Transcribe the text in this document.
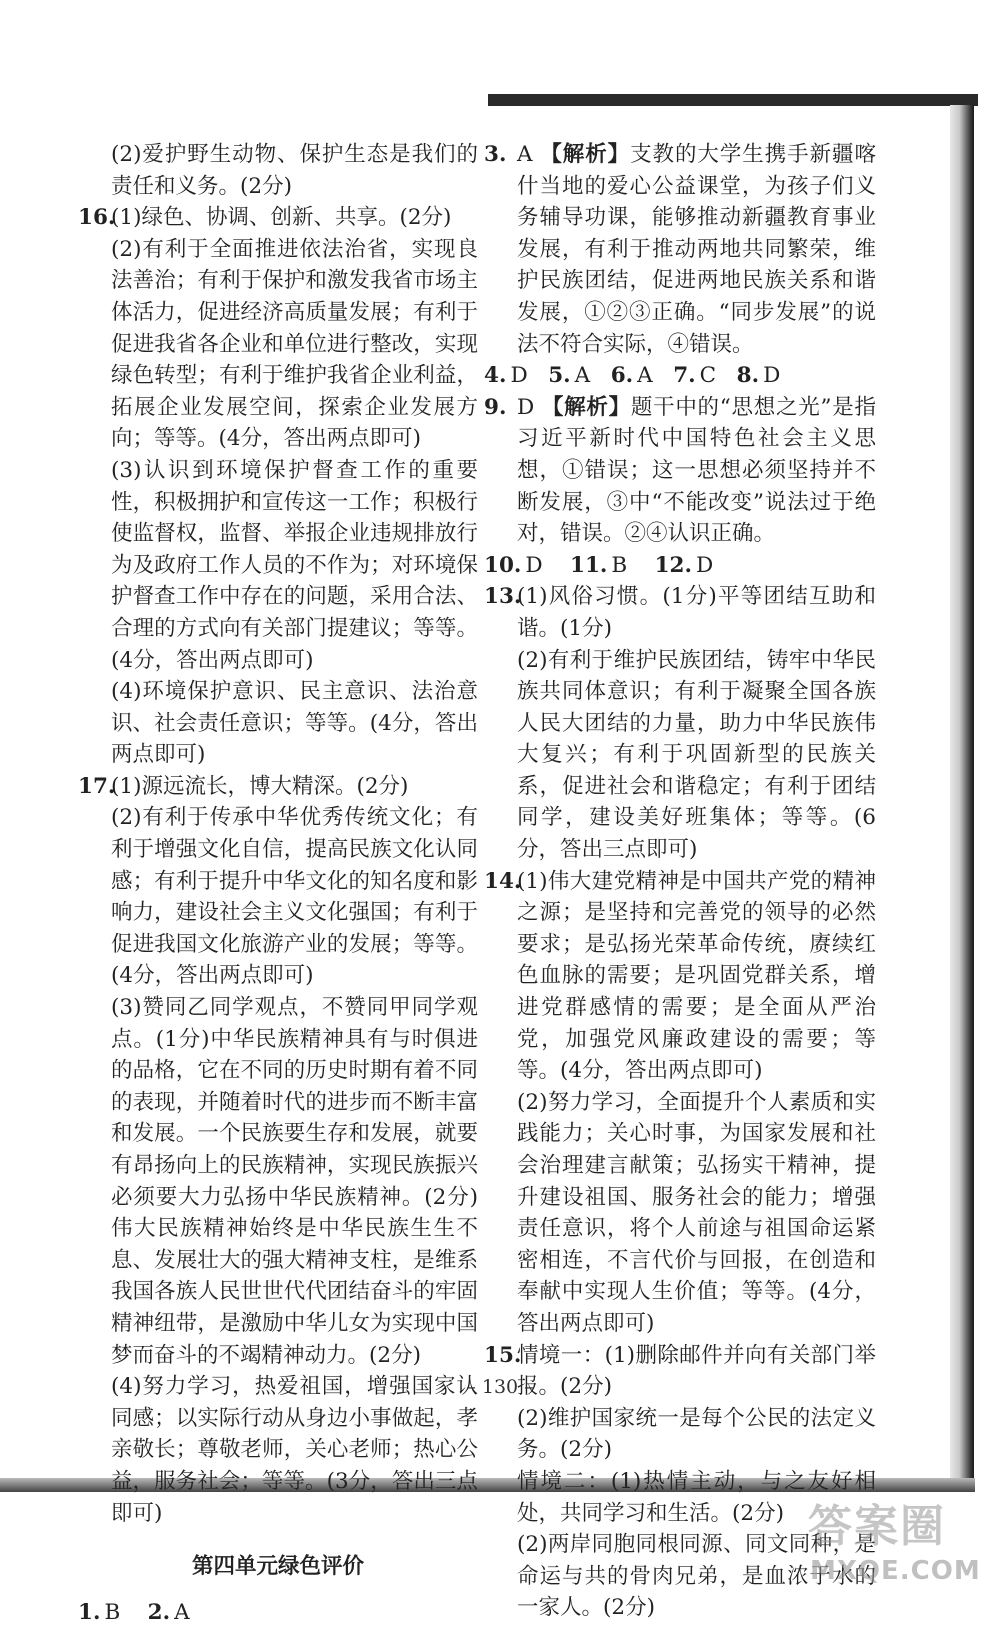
(2)爱护野生动物、保护生态是我们的责任和义务。(2分)

16.

(1)绿色、协调、创新、共享。(2分)

(2)有利于全面推进依法治省，实现良法善治；有利于保护和激发我省市场主体活力，促进经济高质量发展；有利于促进我省各企业和单位进行整改，实现绿色转型；有利于维护我省企业利益，拓展企业发展空间，探索企业发展方向；等等。(4分，答出两点即可)

(3)认识到环境保护督查工作的重要性，积极拥护和宣传这一工作；积极行使监督权，监督、举报企业违规排放行为及政府工作人员的不作为；对环境保护督查工作中存在的问题，采用合法、合理的方式向有关部门提建议；等等。(4分，答出两点即可)

(4)环境保护意识、民主意识、法治意识、社会责任意识；等等。(4分，答出两点即可)

17.

(1)源远流长，博大精深。(2分)

(2)有利于传承中华优秀传统文化；有利于增强文化自信，提高民族文化认同感；有利于提升中华文化的知名度和影响力，建设社会主义文化强国；有利于促进我国文化旅游产业的发展；等等。(4分，答出两点即可)

(3)赞同乙同学观点，不赞同甲同学观点。(1分)中华民族精神具有与时俱进的品格，它在不同的历史时期有着不同的表现，并随着时代的进步而不断丰富和发展。一个民族要生存和发展，就要有昂扬向上的民族精神，实现民族振兴必须要大力弘扬中华民族精神。(2分)伟大民族精神始终是中华民族生生不息、发展壮大的强大精神支柱，是维系我国各族人民世世代代团结奋斗的牢固精神纽带，是激励中华儿女为实现中国梦而奋斗的不竭精神动力。(2分)

(4)努力学习，热爱祖国，增强国家认同感；以实际行动从身边小事做起，孝亲敬长；尊敬老师，关心老师；热心公益，服务社会；等等。(3分，答出三点即可)

第四单元绿色评价

1. B 2. A

3. A 【解析】支教的大学生携手新疆喀什当地的爱心公益课堂，为孩子们义务辅导功课，能够推动新疆教育事业发展，有利于推动两地共同繁荣，维护民族团结，促进两地民族关系和谐发展，①②③正确。“同步发展”的说法不符合实际，④错误。

4. D 5. A 6. A 7. C 8. D

9. D 【解析】题干中的“思想之光”是指习近平新时代中国特色社会主义思想，①错误；这一思想必须坚持并不断发展，③中“不能改变”说法过于绝对，错误。②④认识正确。

10. D 11. B 12. D

13.

(1)风俗习惯。(1分)平等团结互助和谐。(1分)

(2)有利于维护民族团结，铸牢中华民族共同体意识；有利于凝聚全国各族人民大团结的力量，助力中华民族伟大复兴；有利于巩固新型的民族关系，促进社会和谐稳定；有利于团结同学，建设美好班集体；等等。(6分，答出三点即可)

14.

(1)伟大建党精神是中国共产党的精神之源；是坚持和完善党的领导的必然要求；是弘扬光荣革命传统，赓续红色血脉的需要；是巩固党群关系，增进党群感情的需要；是全面从严治党，加强党风廉政建设的需要；等等。(4分，答出两点即可)

(2)努力学习，全面提升个人素质和实践能力；关心时事，为国家发展和社会治理建言献策；弘扬实干精神，提升建设祖国、服务社会的能力；增强责任意识，将个人前途与祖国命运紧密相连，不言代价与回报，在创造和奉献中实现人生价值；等等。(4分，答出两点即可)

15.

情境一：(1)删除邮件并向有关部门举报。(2分)

(2)维护国家统一是每个公民的法定义务。(2分)

情境二：(1)热情主动，与之友好相处，共同学习和生活。(2分)

(2)两岸同胞同根同源、同文同种，是命运与共的骨肉兄弟，是血浓于水的一家人。(2分)

– 130 –
答案圈
MXQE.COM
